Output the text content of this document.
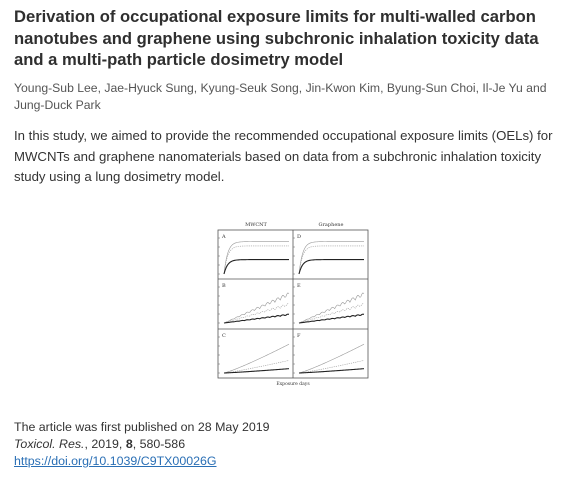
Derivation of occupational exposure limits for multi-walled carbon nanotubes and graphene using subchronic inhalation toxicity data and a multi-path particle dosimetry model
Young-Sub Lee, Jae-Hyuck Sung, Kyung-Seuk Song, Jin-Kwon Kim, Byung-Sun Choi, Il-Je Yu and Jung-Duck Park
In this study, we aimed to provide the recommended occupational exposure limits (OELs) for MWCNTs and graphene nanomaterials based on data from a subchronic inhalation toxicity study using a lung dosimetry model.
MWCNT	Graphene
A	D
B	E
C	F
Exposure days
The article was first published on 28 May 2019
Toxicol. Res., 2019, 8, 580-586
https://doi.org/10.1039/C9TX00026G
